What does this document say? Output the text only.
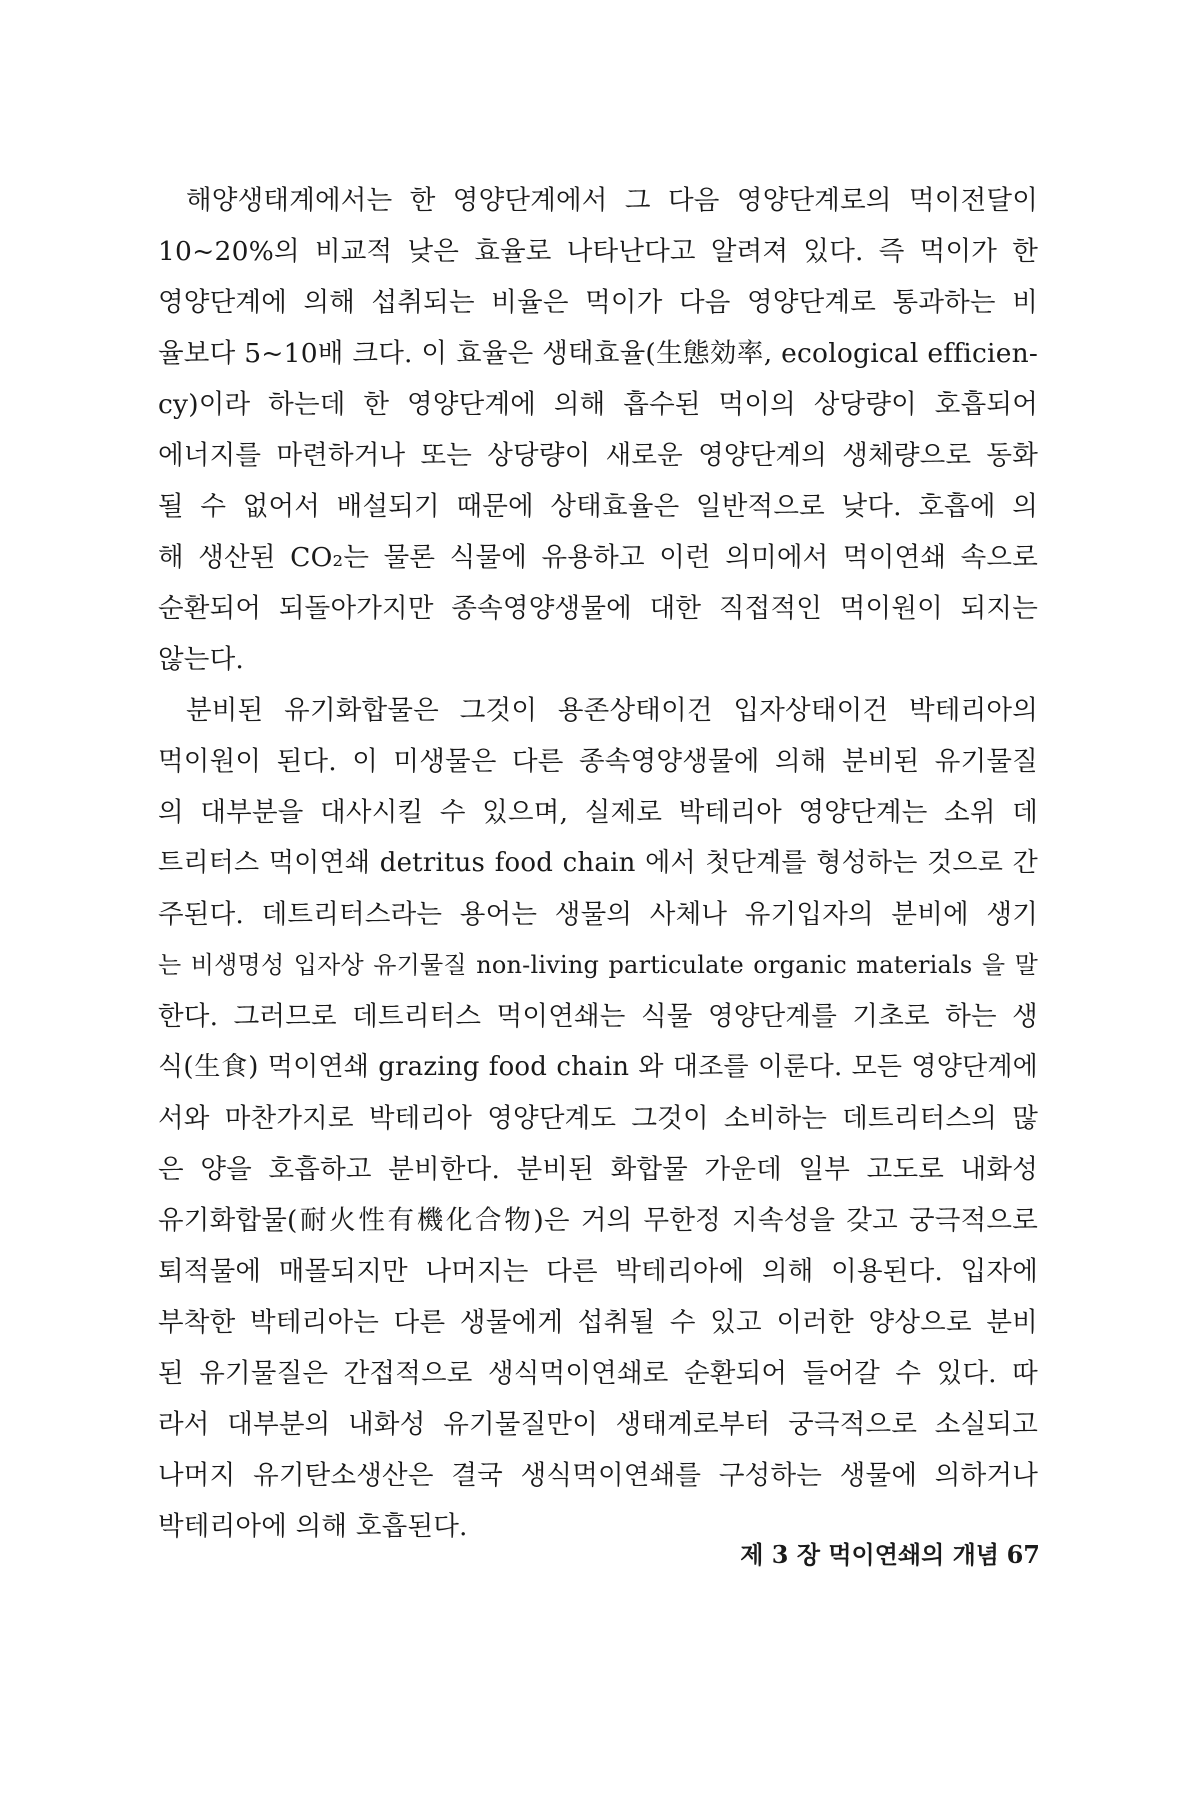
해양생태계에서는 한 영양단계에서 그 다음 영양단계로의 먹이전달이
10~20%의 비교적 낮은 효율로 나타난다고 알려져 있다. 즉 먹이가 한
영양단계에 의해 섭취되는 비율은 먹이가 다음 영양단계로 통과하는 비
율보다 5~10배 크다. 이 효율은 생태효율(生態効率, ecological efficien-
cy)이라 하는데 한 영양단계에 의해 흡수된 먹이의 상당량이 호흡되어
에너지를 마련하거나 또는 상당량이 새로운 영양단계의 생체량으로 동화
될 수 없어서 배설되기 때문에 상태효율은 일반적으로 낮다. 호흡에 의
해 생산된 CO₂는 물론 식물에 유용하고 이런 의미에서 먹이연쇄 속으로
순환되어 되돌아가지만 종속영양생물에 대한 직접적인 먹이원이 되지는
않는다.
분비된 유기화합물은 그것이 용존상태이건 입자상태이건 박테리아의
먹이원이 된다. 이 미생물은 다른 종속영양생물에 의해 분비된 유기물질
의 대부분을 대사시킬 수 있으며, 실제로 박테리아 영양단계는 소위 데
트리터스 먹이연쇄 detritus food chain 에서 첫단계를 형성하는 것으로 간
주된다. 데트리터스라는 용어는 생물의 사체나 유기입자의 분비에 생기
는 비생명성 입자상 유기물질 non-living particulate organic materials 을 말
한다. 그러므로 데트리터스 먹이연쇄는 식물 영양단계를 기초로 하는 생
식(生食) 먹이연쇄 grazing food chain 와 대조를 이룬다. 모든 영양단계에
서와 마찬가지로 박테리아 영양단계도 그것이 소비하는 데트리터스의 많
은 양을 호흡하고 분비한다. 분비된 화합물 가운데 일부 고도로 내화성
유기화합물(耐火性有機化合物)은 거의 무한정 지속성을 갖고 궁극적으로
퇴적물에 매몰되지만 나머지는 다른 박테리아에 의해 이용된다. 입자에
부착한 박테리아는 다른 생물에게 섭취될 수 있고 이러한 양상으로 분비
된 유기물질은 간접적으로 생식먹이연쇄로 순환되어 들어갈 수 있다. 따
라서 대부분의 내화성 유기물질만이 생태계로부터 궁극적으로 소실되고
나머지 유기탄소생산은 결국 생식먹이연쇄를 구성하는 생물에 의하거나
박테리아에 의해 호흡된다.
제 3 장 먹이연쇄의 개념 67
